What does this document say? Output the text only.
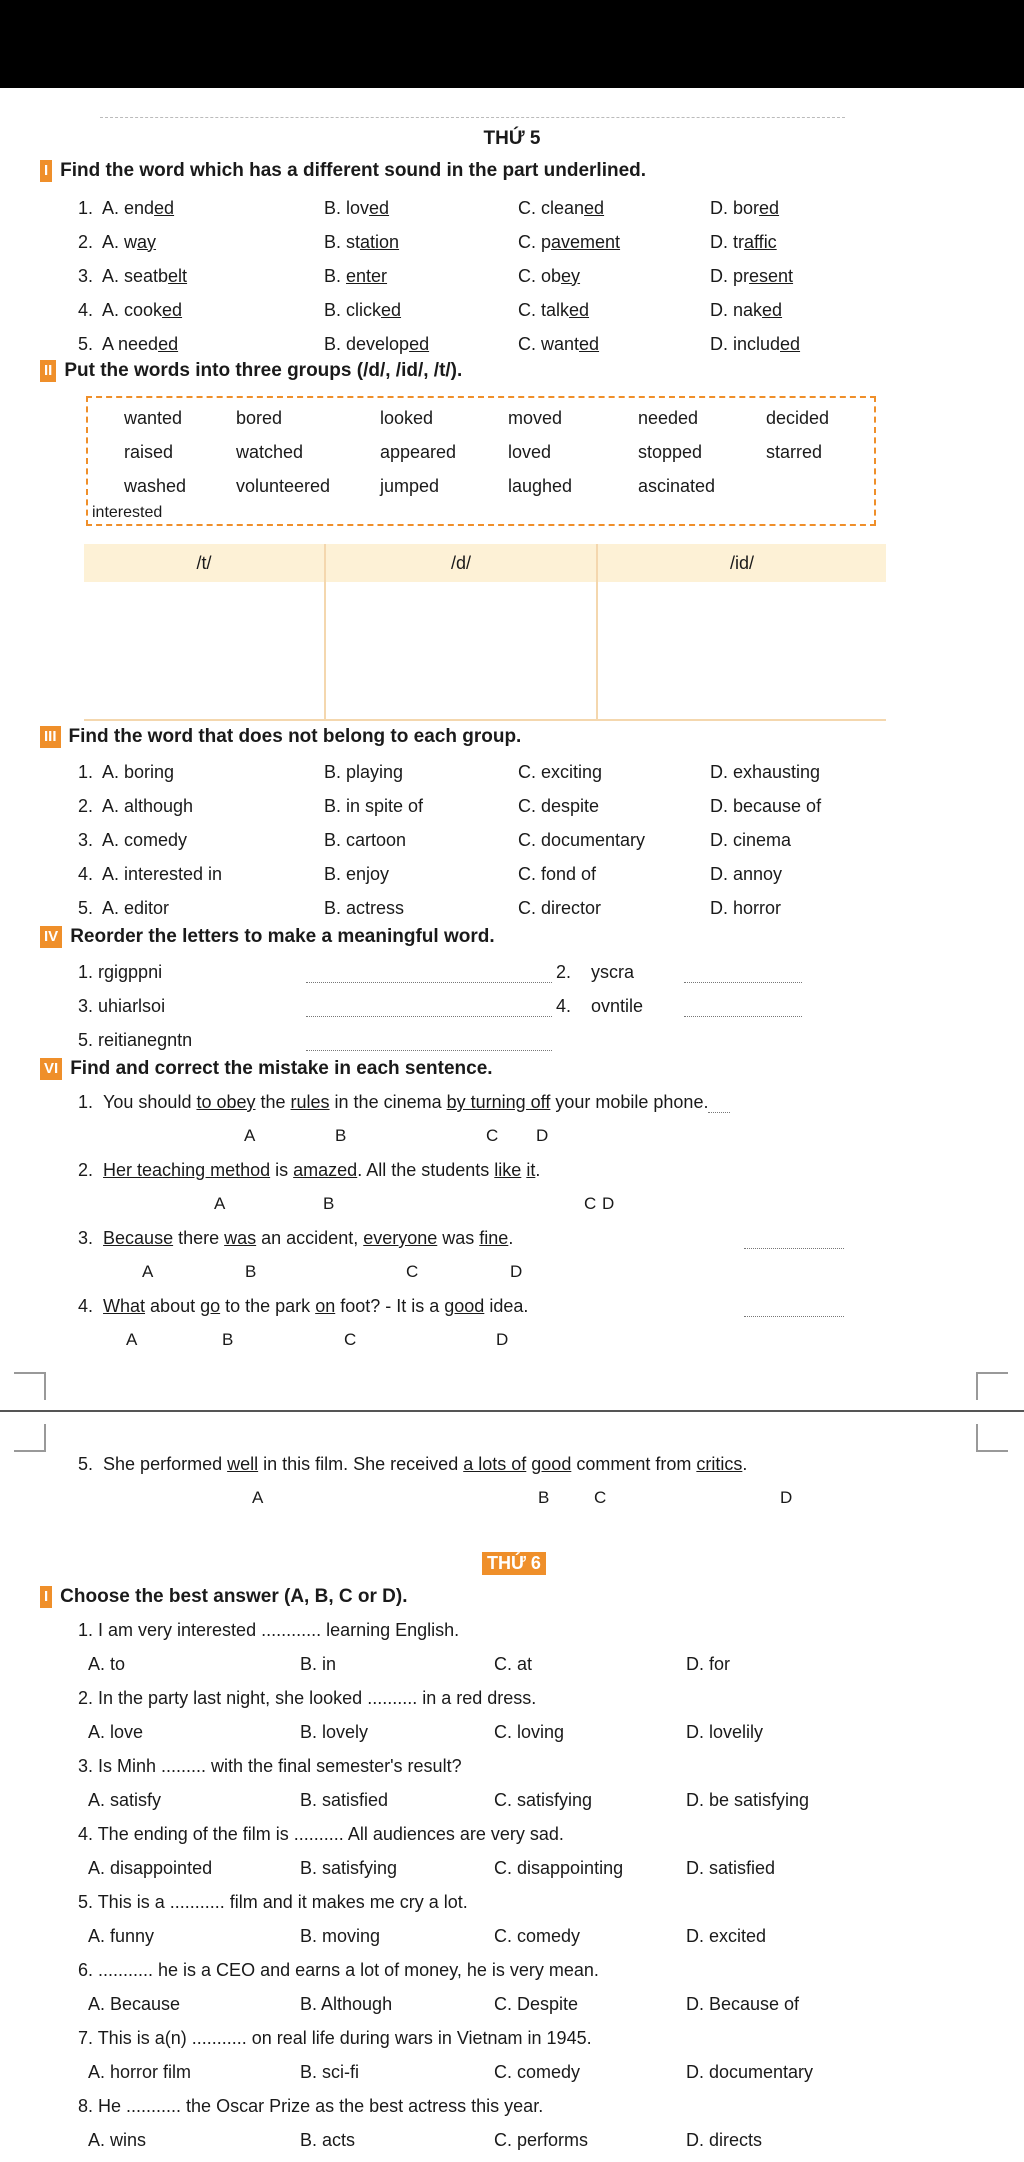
THỨ 5
I Find the word which has a different sound in the part underlined.
1. A. ended	B. loved	C. cleaned	D. bored
2. A. way	B. station	C. pavement	D. traffic
3. A. seatbelt	B. enter	C. obey	D. present
4. A. cooked	B. clicked	C. talked	D. naked
5. A needed	B. developed	C. wanted	D. included
II Put the words into three groups (/d/, /id/, /t/).
wanted	bored	looked	moved	needed	decided
raised	watched	appeared	loved	stopped	starred
washed	volunteered	jumped	laughed	ascinated
interested
/t/	/d/	/id/

III Find the word that does not belong to each group.
1. A. boring	B. playing	C. exciting	D. exhausting
2. A. although	B. in spite of	C. despite	D. because of
3. A. comedy	B. cartoon	C. documentary	D. cinema
4. A. interested in	B. enjoy	C. fond of	D. annoy
5. A. editor	B. actress	C. director	D. horror
IV Reorder the letters to make a meaningful word.
1. rgigppni	2. yscra
3. uhiarlsoi	4. ovntile
5. reitianegntn
VI Find and correct the mistake in each sentence.
1. You should to obey the rules in the cinema by turning off your mobile phone.
A	B	C D
2. Her teaching method is amazed. All the students like it.
A	B	C D
3. Because there was an accident, everyone was fine.
A	B	C	D
4. What about go to the park on foot? - It is a good idea.
A	B	C	D
5. She performed well in this film. She received a lots of good comment from critics.
A	B	C	D
THỨ 6
I Choose the best answer (A, B, C or D).
1. I am very interested ............ learning English.
A. to	B. in	C. at	D. for
2. In the party last night, she looked .......... in a red dress.
A. love	B. lovely	C. loving	D. lovelily
3. Is Minh ......... with the final semester's result?
A. satisfy	B. satisfied	C. satisfying	D. be satisfying
4. The ending of the film is .......... All audiences are very sad.
A. disappointed	B. satisfying	C. disappointing	D. satisfied
5. This is a ........... film and it makes me cry a lot.
A. funny	B. moving	C. comedy	D. excited
6. ........... he is a CEO and earns a lot of money, he is very mean.
A. Because	B. Although	C. Despite	D. Because of
7. This is a(n) ........... on real life during wars in Vietnam in 1945.
A. horror film	B. sci-fi	C. comedy	D. documentary
8. He ........... the Oscar Prize as the best actress this year.
A. wins	B. acts	C. performs	D. directs
